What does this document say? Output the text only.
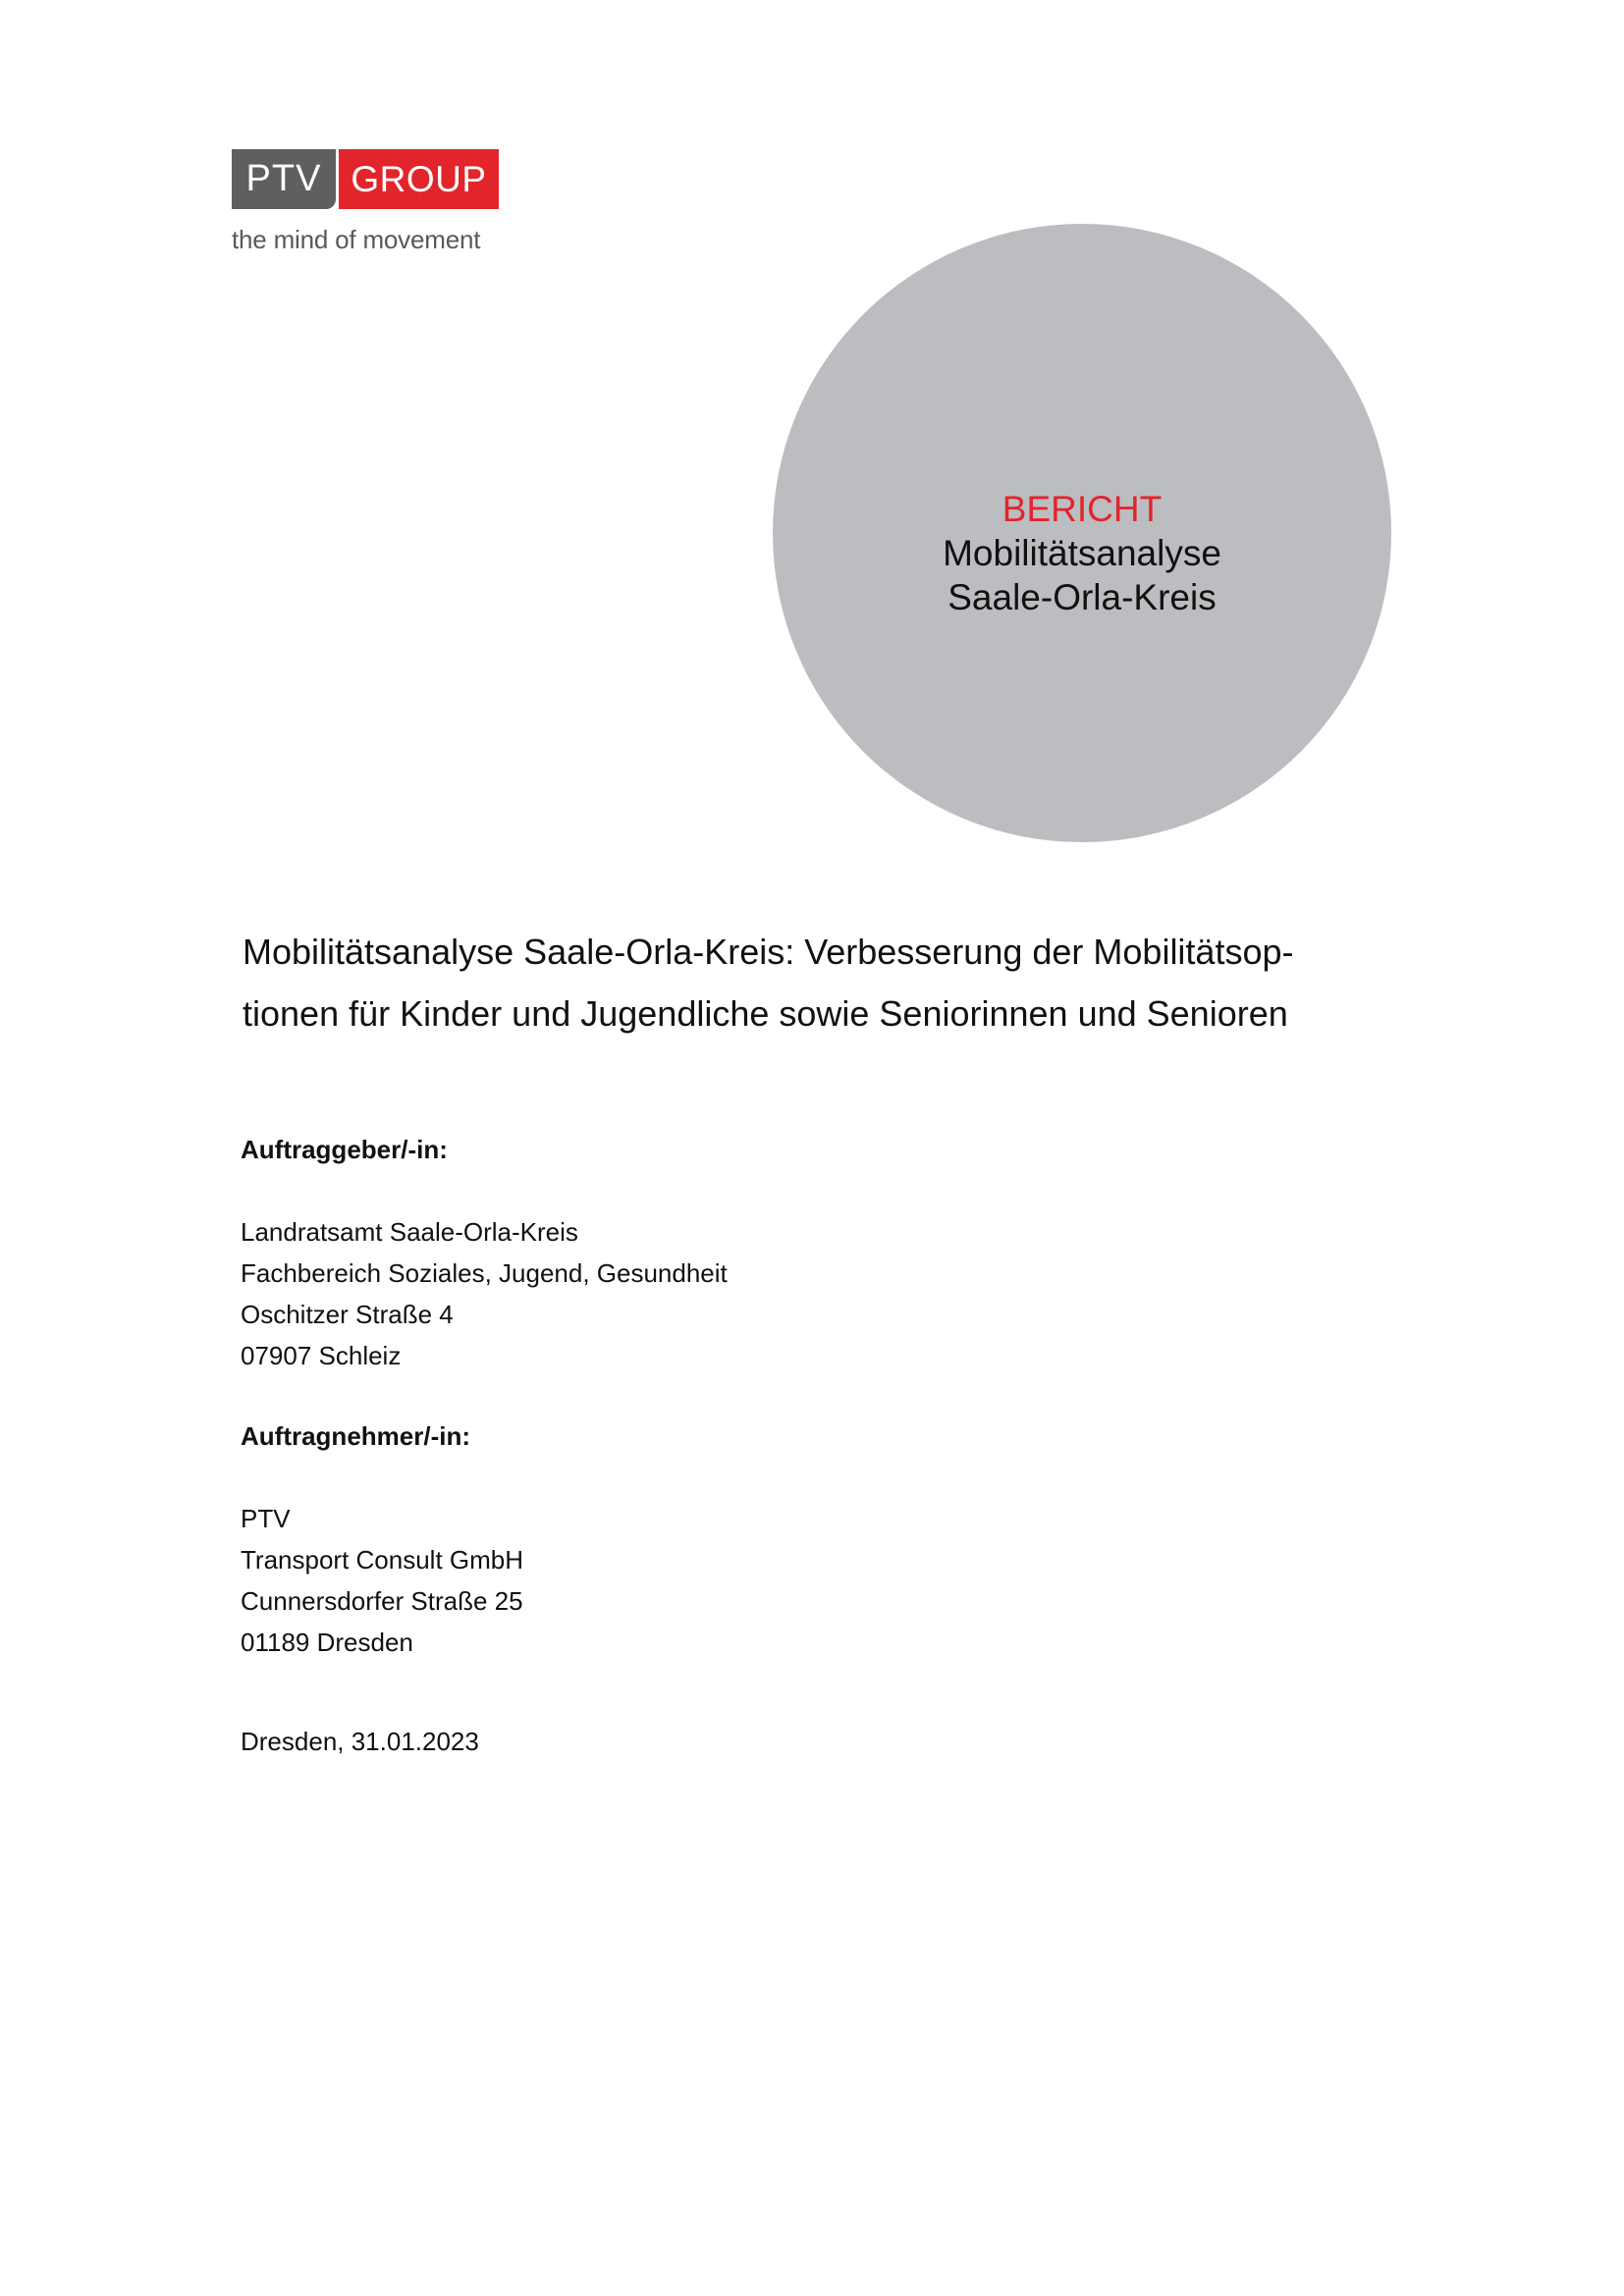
PTV GROUP
the mind of movement
BERICHT
Mobilitätsanalyse
Saale-Orla-Kreis
Mobilitätsanalyse Saale-Orla-Kreis: Verbesserung der Mobilitätsop-
tionen für Kinder und Jugendliche sowie Seniorinnen und Senioren
Auftraggeber/-in:
Landratsamt Saale-Orla-Kreis
Fachbereich Soziales, Jugend, Gesundheit
Oschitzer Straße 4
07907 Schleiz
Auftragnehmer/-in:
PTV
Transport Consult GmbH
Cunnersdorfer Straße 25
01189 Dresden
Dresden, 31.01.2023
